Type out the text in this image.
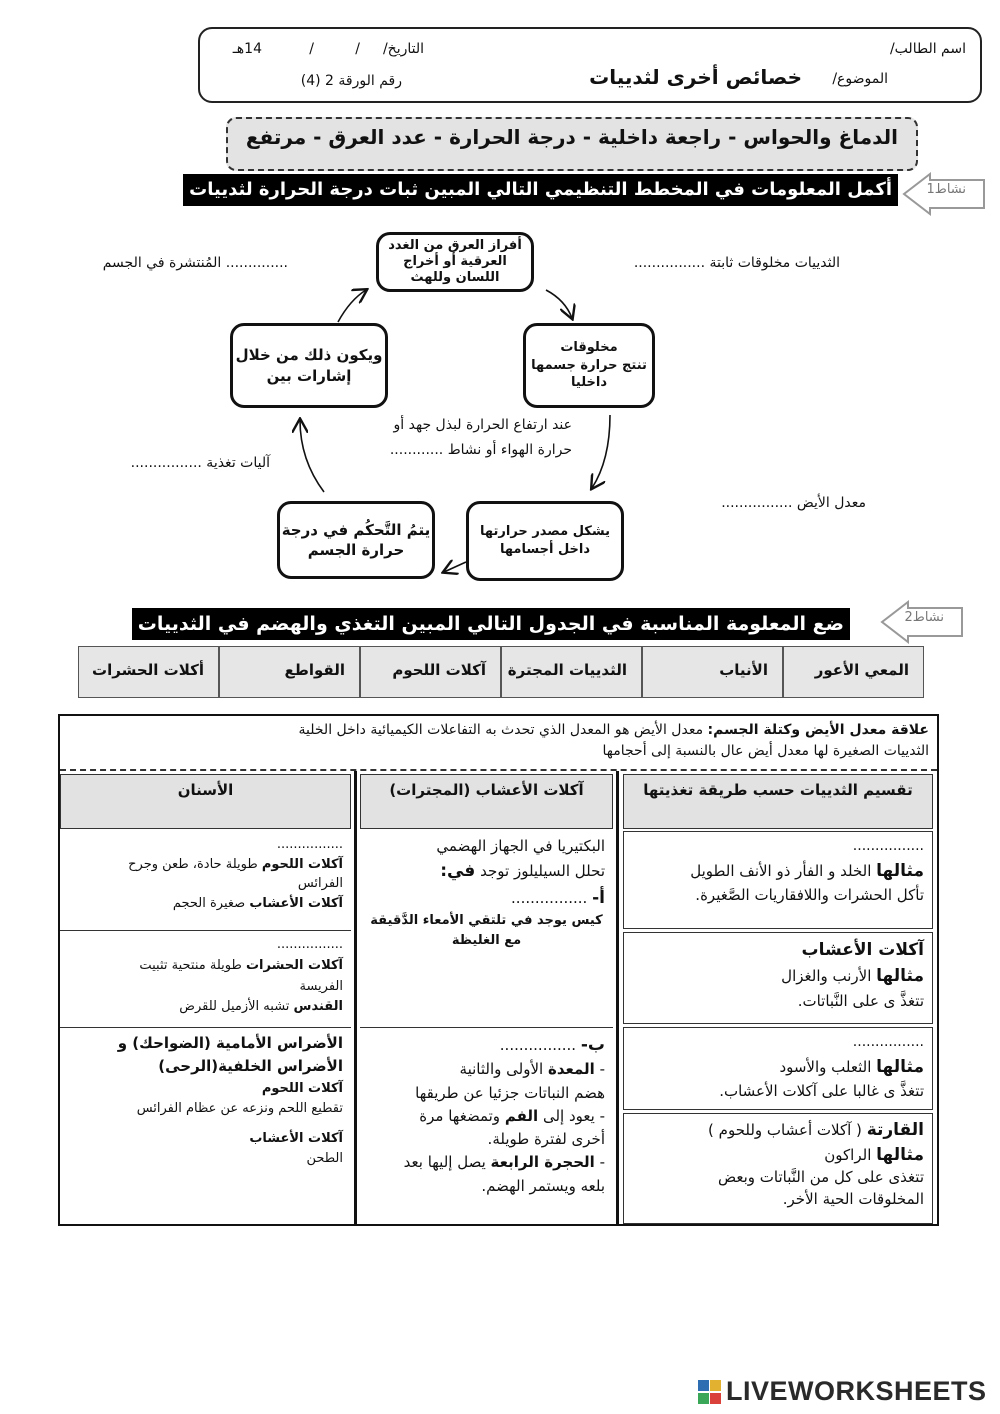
اسم الطالب/
التاريخ/
/
/
14هـ
الموضوع/
خصائص أخرى لثدييات
رقم الورقة 2 (4)
الدماغ والحواس - راجعة داخلية - درجة الحرارة - عدد العرق - مرتفع
نشاط1
أكمل المعلومات في المخطط التنظيمي التالي المبين ثبات درجة الحرارة لثدييات
أفراز العرق من الغدد
العرقية أو أخراج
اللسان وللهث
مخلوقات
تنتج حرارة جسمها
داخليا
ويكون ذلك من خلال
إشارات بين
يشكل مصدر حرارتها
داخل أجسامها
يتمُ التَّحكُم في درجة
حرارة الجسم
.............. المُنتشرة في الجسم	الثدييات مخلوقات ثابتة ................
عند ارتفاع الحرارة لبذل جهد أو
حرارة الهواء أو نشاط ............
آليات تغذية ................
معدل الأيض ................
نشاط2
ضع المعلومة المناسبة في الجدول التالي المبين التغذي والهضم في الثدييات
المعي الأعور
الأنياب
الثدييات المجترة
آكلات اللحوم
القواطع
أكلات الحشرات
علاقة معدل الأيض وكتلة الجسم: معدل الأيض هو المعدل الذي تحدث به التفاعلات الكيميائية داخل الخلية
الثدييات الصغيرة لها معدل أيض عال بالنسبة إلى أحجامها
تقسيم الثدييات حسب طريقة تغذيتها
آكلات الأعشاب (المجترات)
الأسنان
................
مثالها الخلد و الفأر ذو الأنف الطويل
تأكل الحشرات واللافقاريات الصَّغيرة.
آكلات الأعشاب
مثالها الأرنب والغزال
تتغذَّ ى على النَّباتات.
................
مثالها الثعلب والأسود
تتغذَّ ى غالبا على آكلات الأعشاب.
القارتة ( آكلات أعشاب وللحوم )
مثالها الراكون
تتغذى على كل من النَّباتات وبعض
المخلوقات الحية الأخر.
البكتيريا في الجهاز الهضمي
تحلل السيليلوز توجد في:
أ- ................
كيس يوجد في تلتقي الأمعاء الدَّقيقة
مع الغليظة
ب- ................
- المعدة الأولى والثانية
هضم النباتات جزئيا عن طريقها
- يعود إلى الفم وتمضغها مرة
أخرى لفترة طويلة.
- الحجرة الرابعة يصل إليها بعد
بلعه ويستمر الهضم.
................
آكلات اللحوم طويلة حادة، طعن وجرح
الفرائس
آكلات الأعشاب صغيرة الحجم
................
آكلات الحشرات طويلة منتحية تثبيت
الفريسة
القندس تشبه الأزميل للقرض
الأضراس الأمامية (الضواحك) و
الأضراس الخلفية(الرحى)
آكلات اللحوم
تقطيع اللحم ونزعه عن عظام الفرائس
آكلات الأعشاب
الطحن
LIVEWORKSHEETS
